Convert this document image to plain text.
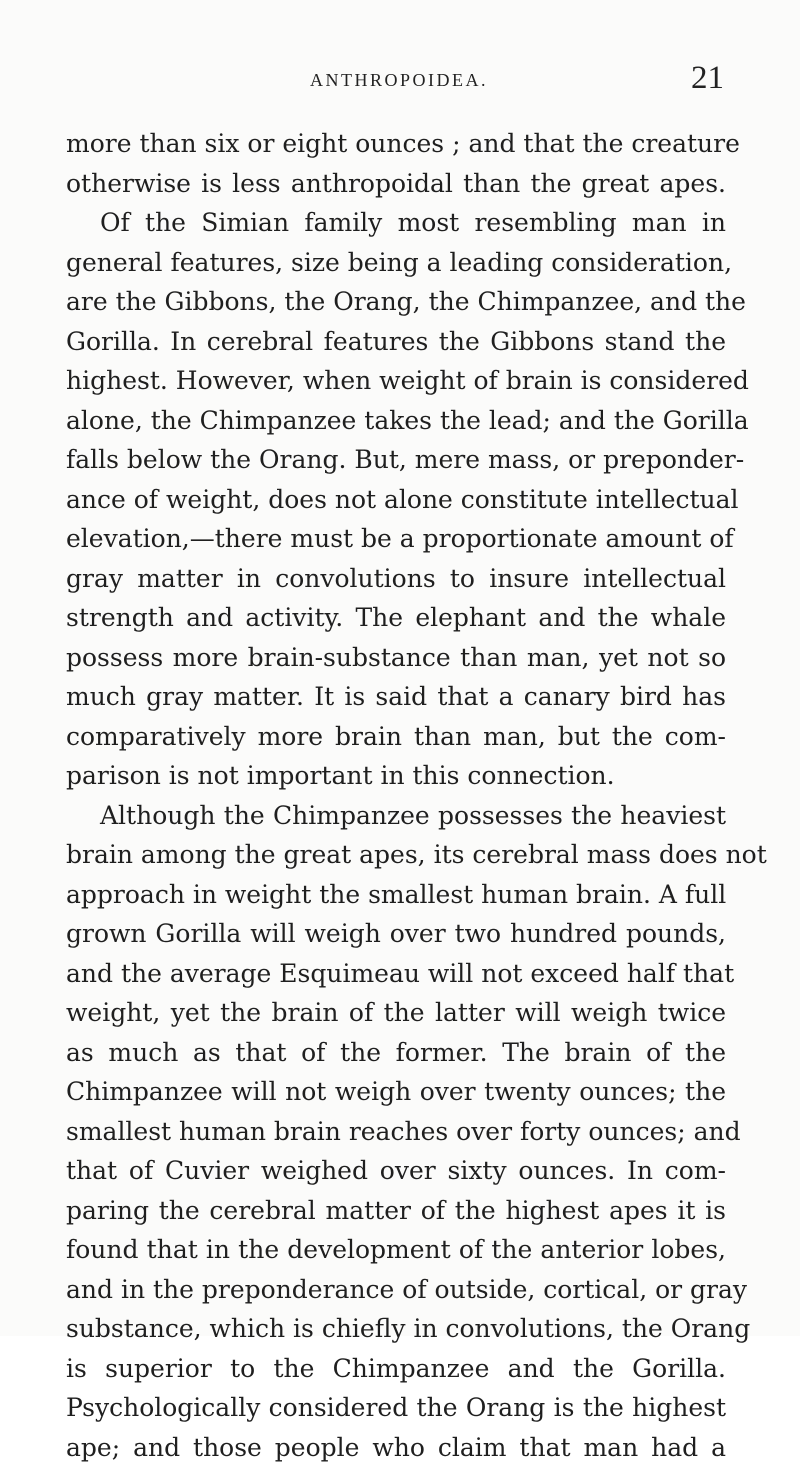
ANTHROPOIDEA.	21
more than six or eight ounces ; and that the creature
otherwise is less anthropoidal than the great apes.
Of the Simian family most resembling man in
general features, size being a leading consideration,
are the Gibbons, the Orang, the Chimpanzee, and the
Gorilla. In cerebral features the Gibbons stand the
highest. However, when weight of brain is considered
alone, the Chimpanzee takes the lead; and the Gorilla
falls below the Orang. But, mere mass, or preponder-
ance of weight, does not alone constitute intellectual
elevation,—there must be a proportionate amount of
gray matter in convolutions to insure intellectual
strength and activity. The elephant and the whale
possess more brain-substance than man, yet not so
much gray matter. It is said that a canary bird has
comparatively more brain than man, but the com-
parison is not important in this connection.
Although the Chimpanzee possesses the heaviest
brain among the great apes, its cerebral mass does not
approach in weight the smallest human brain. A full
grown Gorilla will weigh over two hundred pounds,
and the average Esquimeau will not exceed half that
weight, yet the brain of the latter will weigh twice
as much as that of the former. The brain of the
Chimpanzee will not weigh over twenty ounces; the
smallest human brain reaches over forty ounces; and
that of Cuvier weighed over sixty ounces. In com-
paring the cerebral matter of the highest apes it is
found that in the development of the anterior lobes,
and in the preponderance of outside, cortical, or gray
substance, which is chiefly in convolutions, the Orang
is superior to the Chimpanzee and the Gorilla.
Psychologically considered the Orang is the highest
ape; and those people who claim that man had a
